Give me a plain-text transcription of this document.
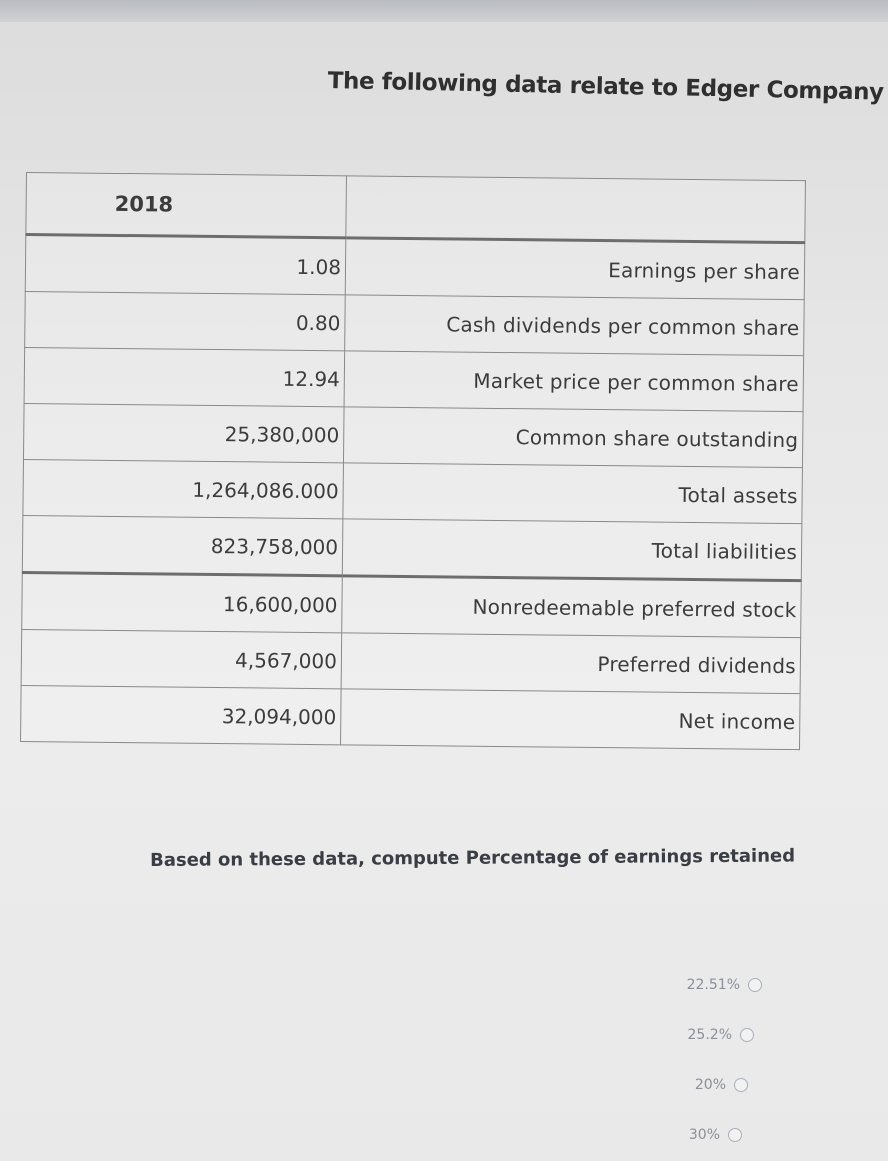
The following data relate to Edger Company
2018	
1.08	Earnings per share
0.80	Cash dividends per common share
12.94	Market price per common share
25,380,000	Common share outstanding
1,264,086.000	Total assets
823,758,000	Total liabilities
16,600,000	Nonredeemable preferred stock
4,567,000	Preferred dividends
32,094,000	Net income
Based on these data, compute Percentage of earnings retained
22.51%
25.2%
20%
30%
